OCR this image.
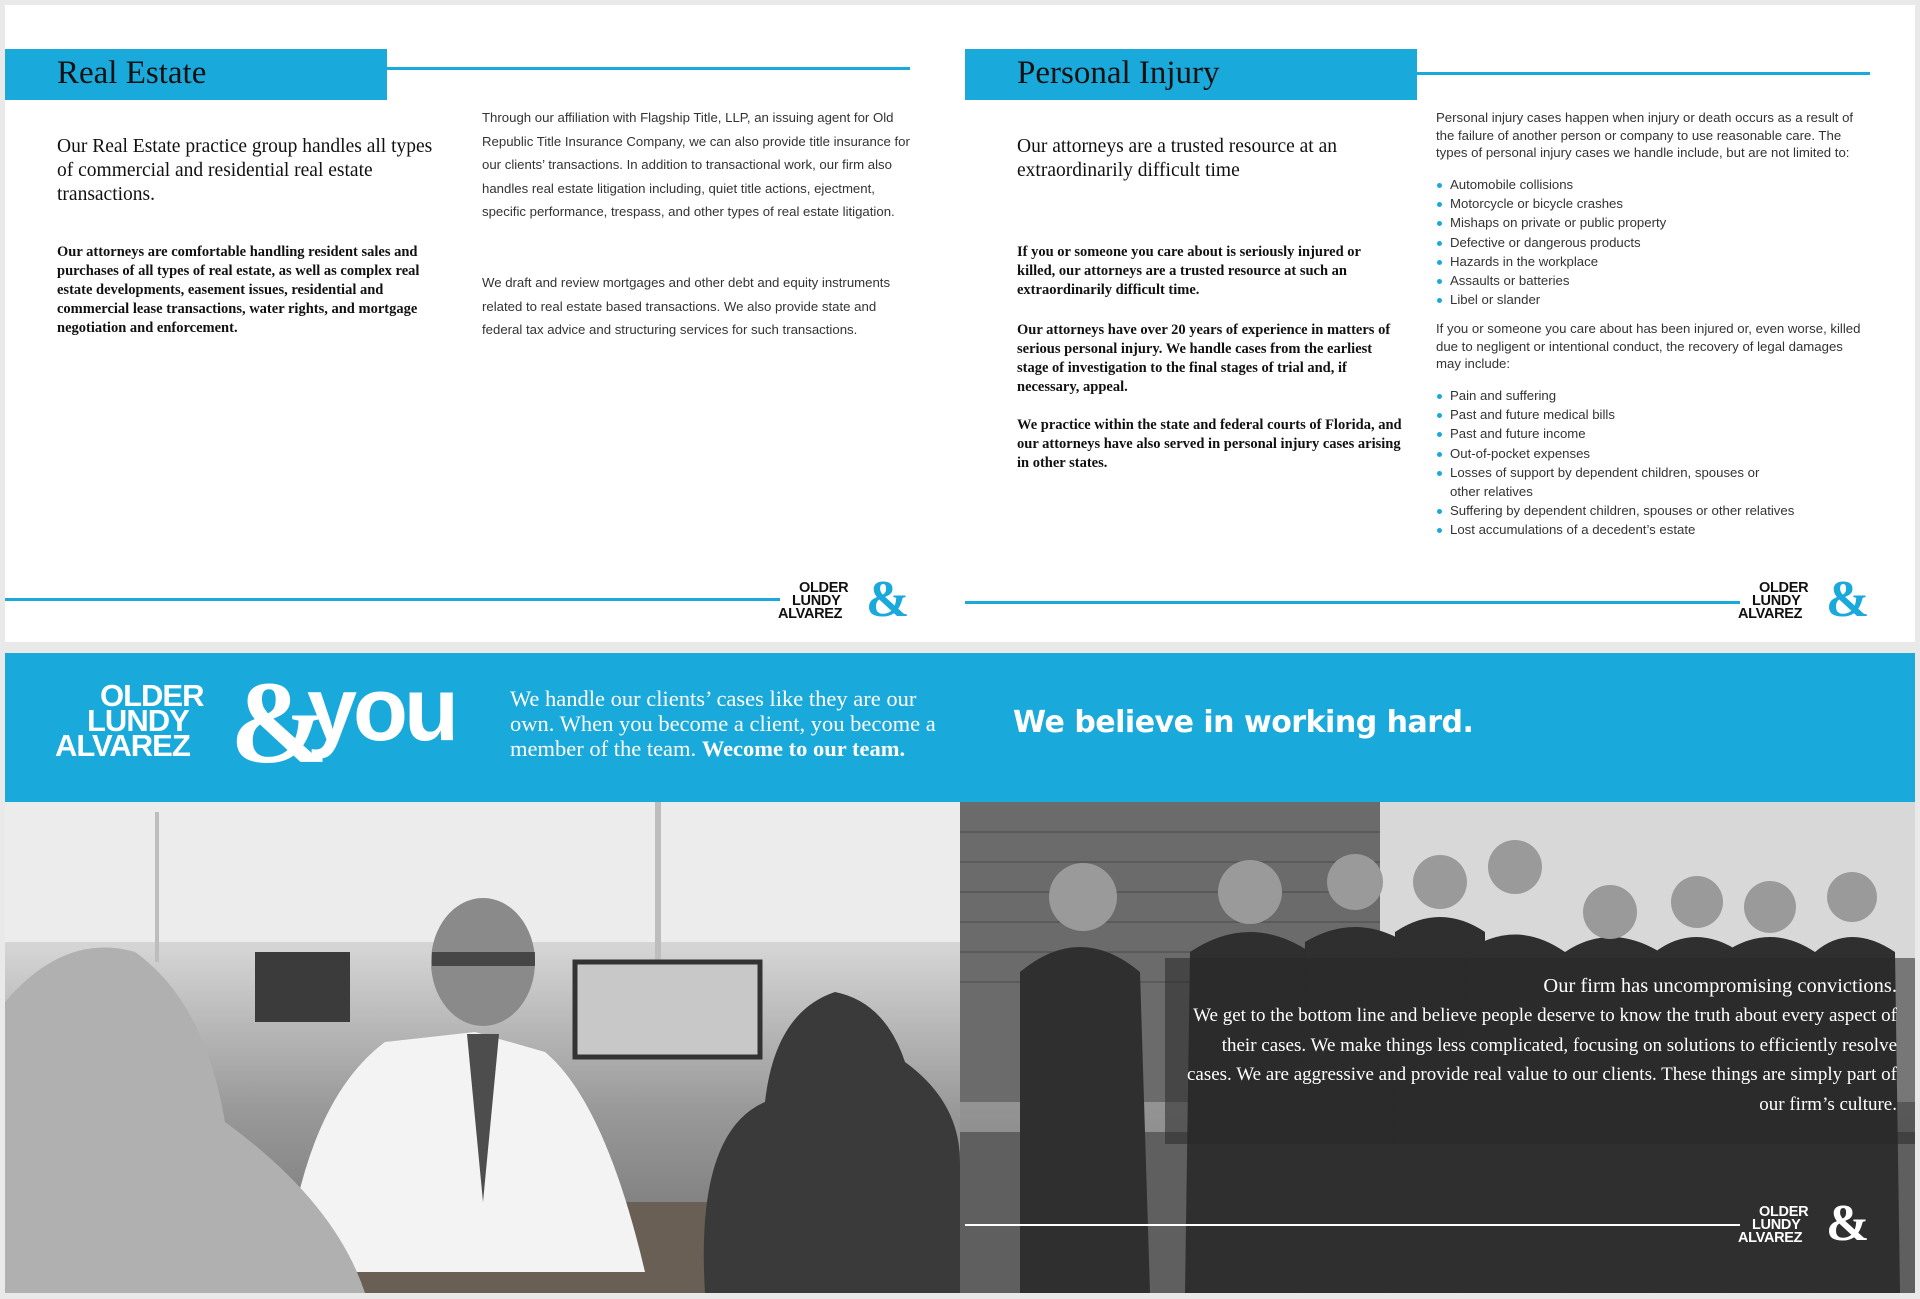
Real Estate
Our Real Estate practice group handles all types of commercial and residential real estate transactions.
Our attorneys are comfortable handling resident sales and purchases of all types of real estate, as well as complex real estate developments, easement issues, residential and commercial lease transactions, water rights, and mortgage negotiation and enforcement.
Through our affiliation with Flagship Title, LLP, an issuing agent for Old Republic Title Insurance Company, we can also provide title insurance for our clients’ transactions. In addition to transactional work, our firm also handles real estate litigation including, quiet title actions, ejectment, specific performance, trespass, and other types of real estate litigation.
We draft and review mortgages and other debt and equity instruments related to real estate based transactions. We also provide state and federal tax advice and structuring services for such transactions.
OLDER
LUNDY
ALVAREZ &
Personal Injury
Our attorneys are a trusted resource at an extraordinarily difficult time
If you or someone you care about is seriously injured or killed, our attorneys are a trusted resource at such an extraordinarily difficult time.
Our attorneys have over 20 years of experience in matters of serious personal injury. We handle cases from the earliest stage of investigation to the final stages of trial and, if necessary, appeal.
We practice within the state and federal courts of Florida, and our attorneys have also served in personal injury cases arising in other states.
Personal injury cases happen when injury or death occurs as a result of the failure of another person or company to use reasonable care. The types of personal injury cases we handle include, but are not limited to:
Automobile collisions
Motorcycle or bicycle crashes
Mishaps on private or public property
Defective or dangerous products
Hazards in the workplace
Assaults or batteries
Libel or slander
If you or someone you care about has been injured or, even worse, killed due to negligent or intentional conduct, the recovery of legal damages may include:
Pain and suffering
Past and future medical bills
Past and future income
Out-of-pocket expenses
Losses of support by dependent children, spouses or other relatives
Suffering by dependent children, spouses or other relatives
Lost accumulations of a decedent’s estate
OLDER
LUNDY
ALVAREZ &
OLDER
LUNDY
ALVAREZ &
you We handle our clients’ cases like they are our own. When you become a client, you become a member of the team. Wecome to our team.
We believe in working hard.
Our firm has uncompromising convictions.
We get to the bottom line and believe people deserve to know the truth about every aspect of their cases. We make things less complicated, focusing on solutions to efficiently resolve cases. We are aggressive and provide real value to our clients. These things are simply part of our firm’s culture.
OLDER
LUNDY
ALVAREZ &
